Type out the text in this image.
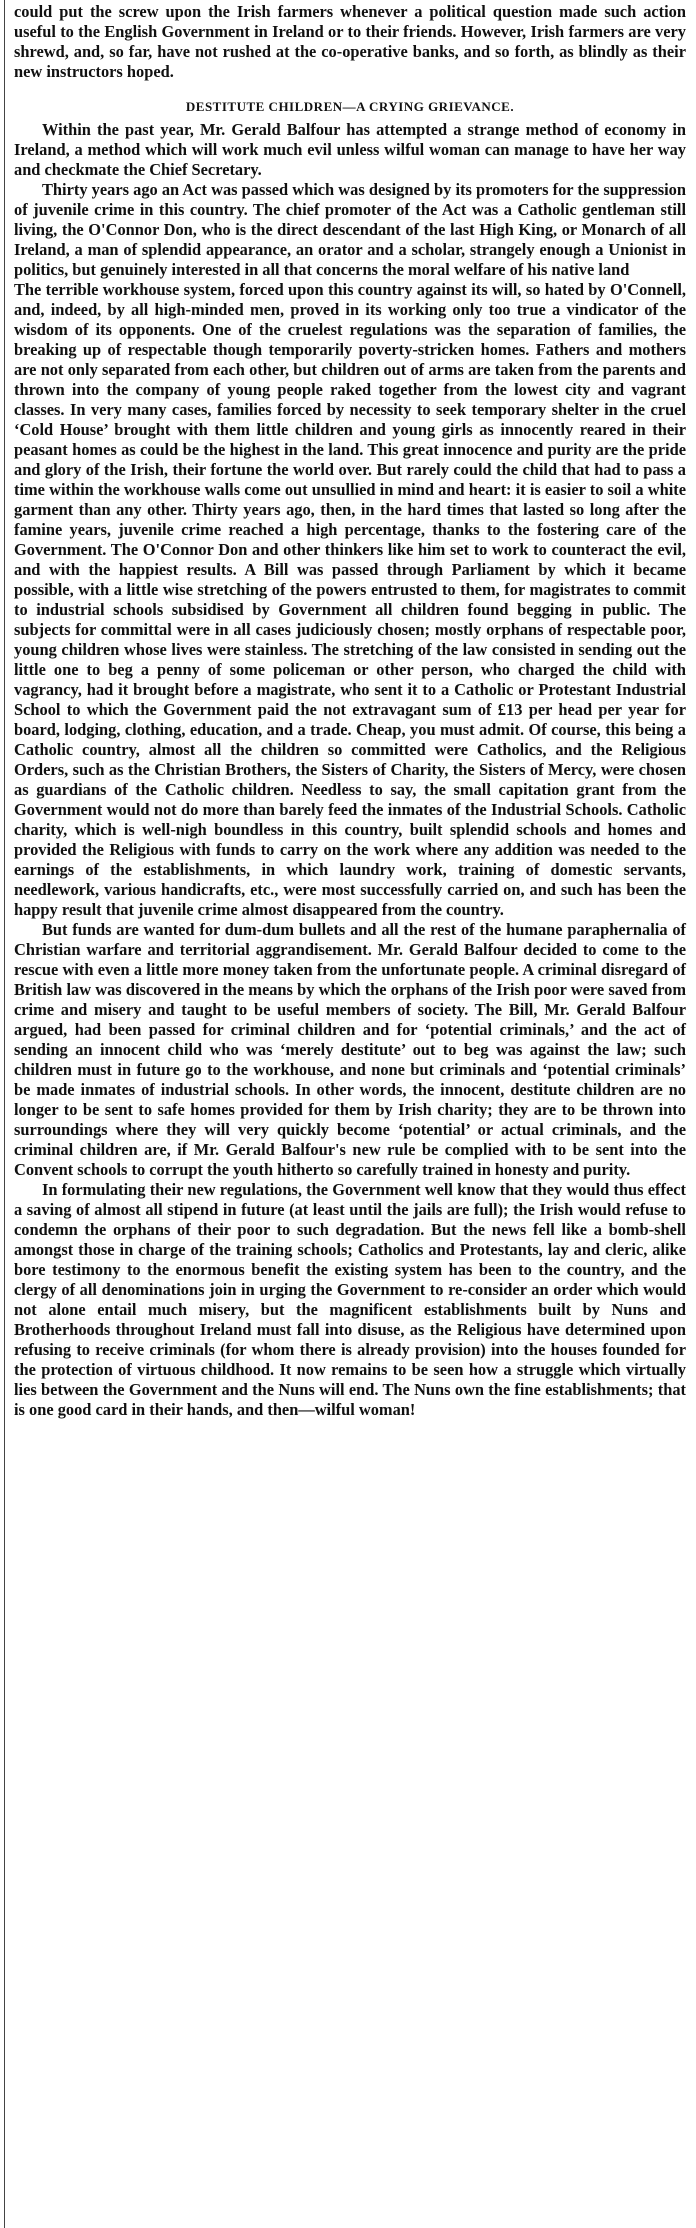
could put the screw upon the Irish farmers whenever a political question made such action useful to the English Government in Ireland or to their friends. However, Irish farmers are very shrewd, and, so far, have not rushed at the co-operative banks, and so forth, as blindly as their new instructors hoped.

DESTITUTE CHILDREN—A CRYING GRIEVANCE.

Within the past year, Mr. Gerald Balfour has attempted a strange method of economy in Ireland, a method which will work much evil unless wilful woman can manage to have her way and checkmate the Chief Secretary.

Thirty years ago an Act was passed which was designed by its promoters for the suppression of juvenile crime in this country. The chief promoter of the Act was a Catholic gentleman still living, the O'Connor Don, who is the direct descendant of the last High King, or Monarch of all Ireland, a man of splendid appearance, an orator and a scholar, strangely enough a Unionist in politics, but genuinely interested in all that concerns the moral welfare of his native land

The terrible workhouse system, forced upon this country against its will, so hated by O'Connell, and, indeed, by all high-minded men, proved in its working only too true a vindicator of the wisdom of its opponents. One of the cruelest regulations was the separation of families, the breaking up of respectable though temporarily poverty-stricken homes. Fathers and mothers are not only separated from each other, but children out of arms are taken from the parents and thrown into the company of young people raked together from the lowest city and vagrant classes. In very many cases, families forced by necessity to seek temporary shelter in the cruel ‘Cold House’ brought with them little children and young girls as innocently reared in their peasant homes as could be the highest in the land. This great innocence and purity are the pride and glory of the Irish, their fortune the world over. But rarely could the child that had to pass a time within the workhouse walls come out unsullied in mind and heart: it is easier to soil a white garment than any other. Thirty years ago, then, in the hard times that lasted so long after the famine years, juvenile crime reached a high percentage, thanks to the fostering care of the Government. The O'Connor Don and other thinkers like him set to work to counteract the evil, and with the happiest results. A Bill was passed through Parliament by which it became possible, with a little wise stretching of the powers entrusted to them, for magistrates to commit to industrial schools subsidised by Government all children found begging in public. The subjects for committal were in all cases judiciously chosen; mostly orphans of respectable poor, young children whose lives were stainless. The stretching of the law consisted in sending out the little one to beg a penny of some policeman or other person, who charged the child with vagrancy, had it brought before a magistrate, who sent it to a Catholic or Protestant Industrial School to which the Government paid the not extravagant sum of £13 per head per year for board, lodging, clothing, education, and a trade. Cheap, you must admit. Of course, this being a Catholic country, almost all the children so committed were Catholics, and the Religious Orders, such as the Christian Brothers, the Sisters of Charity, the Sisters of Mercy, were chosen as guardians of the Catholic children. Needless to say, the small capitation grant from the Government would not do more than barely feed the inmates of the Industrial Schools. Catholic charity, which is well-nigh boundless in this country, built splendid schools and homes and provided the Religious with funds to carry on the work where any addition was needed to the earnings of the establishments, in which laundry work, training of domestic servants, needlework, various handicrafts, etc., were most successfully carried on, and such has been the happy result that juvenile crime almost disappeared from the country.

But funds are wanted for dum-dum bullets and all the rest of the humane paraphernalia of Christian warfare and territorial aggrandisement. Mr. Gerald Balfour decided to come to the rescue with even a little more money taken from the unfortunate people. A criminal disregard of British law was discovered in the means by which the orphans of the Irish poor were saved from crime and misery and taught to be useful members of society. The Bill, Mr. Gerald Balfour argued, had been passed for criminal children and for ‘potential criminals,’ and the act of sending an innocent child who was ‘merely destitute’ out to beg was against the law; such children must in future go to the workhouse, and none but criminals and ‘potential criminals’ be made inmates of industrial schools. In other words, the innocent, destitute children are no longer to be sent to safe homes provided for them by Irish charity; they are to be thrown into surroundings where they will very quickly become ‘potential’ or actual criminals, and the criminal children are, if Mr. Gerald Balfour's new rule be complied with to be sent into the Convent schools to corrupt the youth hitherto so carefully trained in honesty and purity.

In formulating their new regulations, the Government well know that they would thus effect a saving of almost all stipend in future (at least until the jails are full); the Irish would refuse to condemn the orphans of their poor to such degradation. But the news fell like a bomb-shell amongst those in charge of the training schools; Catholics and Protestants, lay and cleric, alike bore testimony to the enormous benefit the existing system has been to the country, and the clergy of all denominations join in urging the Government to re-consider an order which would not alone entail much misery, but the magnificent establishments built by Nuns and Brotherhoods throughout Ireland must fall into disuse, as the Religious have determined upon refusing to receive criminals (for whom there is already provision) into the houses founded for the protection of virtuous childhood. It now remains to be seen how a struggle which virtually lies between the Government and the Nuns will end. The Nuns own the fine establishments; that is one good card in their hands, and then—wilful woman!
